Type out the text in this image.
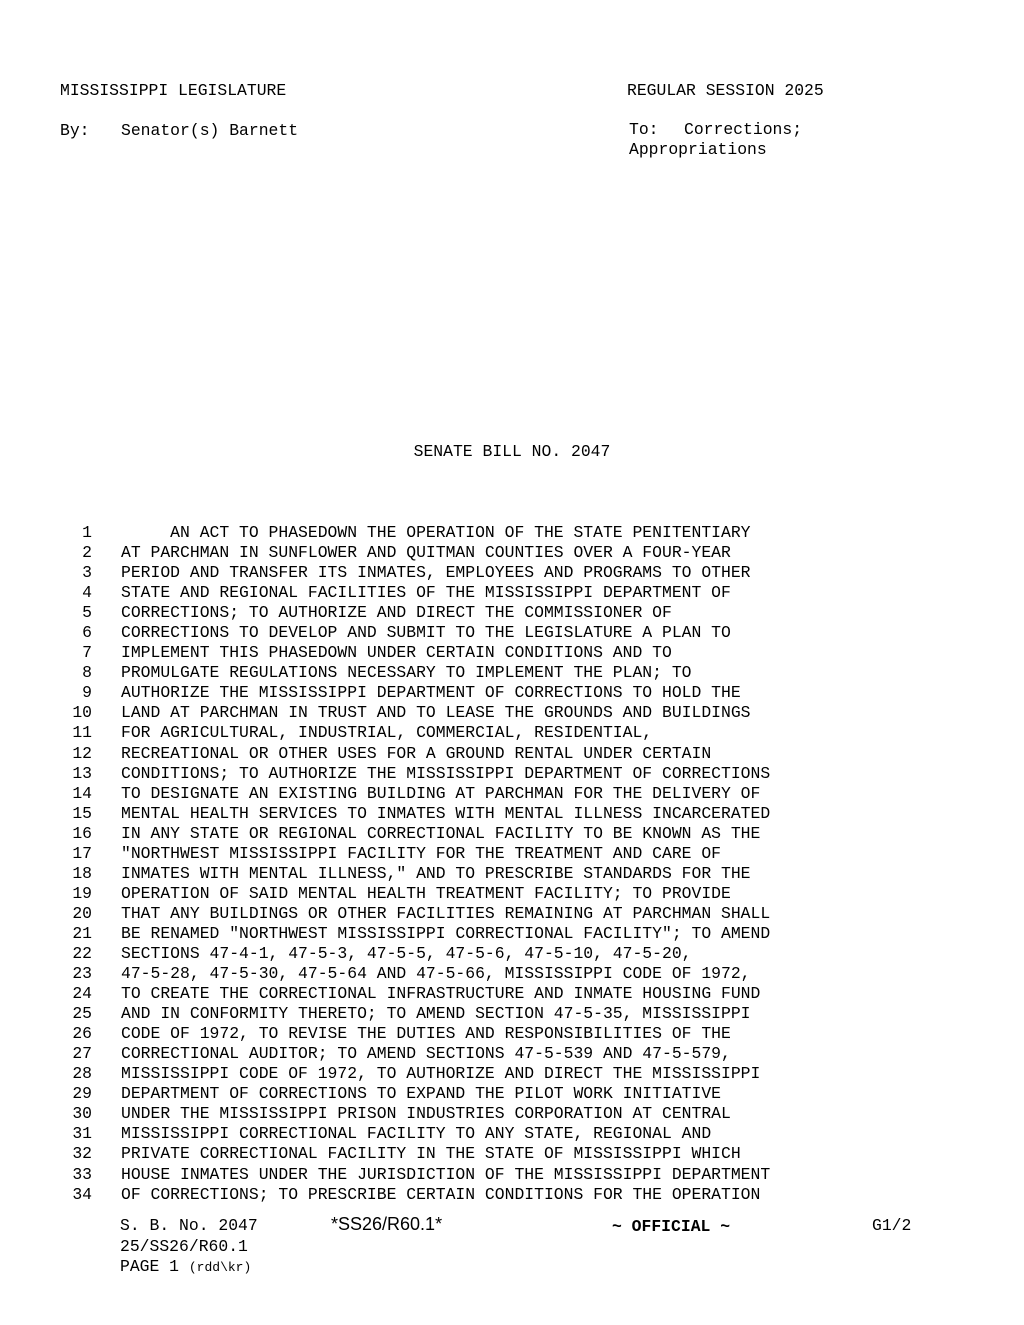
MISSISSIPPI LEGISLATURE	REGULAR SESSION 2025
By: Senator(s) Barnett	To: Corrections;
Appropriations
SENATE BILL NO. 2047
1 AN ACT TO PHASEDOWN THE OPERATION OF THE STATE PENITENTIARY
2 AT PARCHMAN IN SUNFLOWER AND QUITMAN COUNTIES OVER A FOUR-YEAR
3 PERIOD AND TRANSFER ITS INMATES, EMPLOYEES AND PROGRAMS TO OTHER
4 STATE AND REGIONAL FACILITIES OF THE MISSISSIPPI DEPARTMENT OF
5 CORRECTIONS; TO AUTHORIZE AND DIRECT THE COMMISSIONER OF
6 CORRECTIONS TO DEVELOP AND SUBMIT TO THE LEGISLATURE A PLAN TO
7 IMPLEMENT THIS PHASEDOWN UNDER CERTAIN CONDITIONS AND TO
8 PROMULGATE REGULATIONS NECESSARY TO IMPLEMENT THE PLAN; TO
9 AUTHORIZE THE MISSISSIPPI DEPARTMENT OF CORRECTIONS TO HOLD THE
10 LAND AT PARCHMAN IN TRUST AND TO LEASE THE GROUNDS AND BUILDINGS
11 FOR AGRICULTURAL, INDUSTRIAL, COMMERCIAL, RESIDENTIAL,
12 RECREATIONAL OR OTHER USES FOR A GROUND RENTAL UNDER CERTAIN
13 CONDITIONS; TO AUTHORIZE THE MISSISSIPPI DEPARTMENT OF CORRECTIONS
14 TO DESIGNATE AN EXISTING BUILDING AT PARCHMAN FOR THE DELIVERY OF
15 MENTAL HEALTH SERVICES TO INMATES WITH MENTAL ILLNESS INCARCERATED
16 IN ANY STATE OR REGIONAL CORRECTIONAL FACILITY TO BE KNOWN AS THE
17 "NORTHWEST MISSISSIPPI FACILITY FOR THE TREATMENT AND CARE OF
18 INMATES WITH MENTAL ILLNESS," AND TO PRESCRIBE STANDARDS FOR THE
19 OPERATION OF SAID MENTAL HEALTH TREATMENT FACILITY; TO PROVIDE
20 THAT ANY BUILDINGS OR OTHER FACILITIES REMAINING AT PARCHMAN SHALL
21 BE RENAMED "NORTHWEST MISSISSIPPI CORRECTIONAL FACILITY"; TO AMEND
22 SECTIONS 47-4-1, 47-5-3, 47-5-5, 47-5-6, 47-5-10, 47-5-20,
23 47-5-28, 47-5-30, 47-5-64 AND 47-5-66, MISSISSIPPI CODE OF 1972,
24 TO CREATE THE CORRECTIONAL INFRASTRUCTURE AND INMATE HOUSING FUND
25 AND IN CONFORMITY THERETO; TO AMEND SECTION 47-5-35, MISSISSIPPI
26 CODE OF 1972, TO REVISE THE DUTIES AND RESPONSIBILITIES OF THE
27 CORRECTIONAL AUDITOR; TO AMEND SECTIONS 47-5-539 AND 47-5-579,
28 MISSISSIPPI CODE OF 1972, TO AUTHORIZE AND DIRECT THE MISSISSIPPI
29 DEPARTMENT OF CORRECTIONS TO EXPAND THE PILOT WORK INITIATIVE
30 UNDER THE MISSISSIPPI PRISON INDUSTRIES CORPORATION AT CENTRAL
31 MISSISSIPPI CORRECTIONAL FACILITY TO ANY STATE, REGIONAL AND
32 PRIVATE CORRECTIONAL FACILITY IN THE STATE OF MISSISSIPPI WHICH
33 HOUSE INMATES UNDER THE JURISDICTION OF THE MISSISSIPPI DEPARTMENT
34 OF CORRECTIONS; TO PRESCRIBE CERTAIN CONDITIONS FOR THE OPERATION
S. B. No. 2047	*SS26/R60.1*	~ OFFICIAL ~	G1/2
25/SS26/R60.1
PAGE 1 (rdd\kr)
